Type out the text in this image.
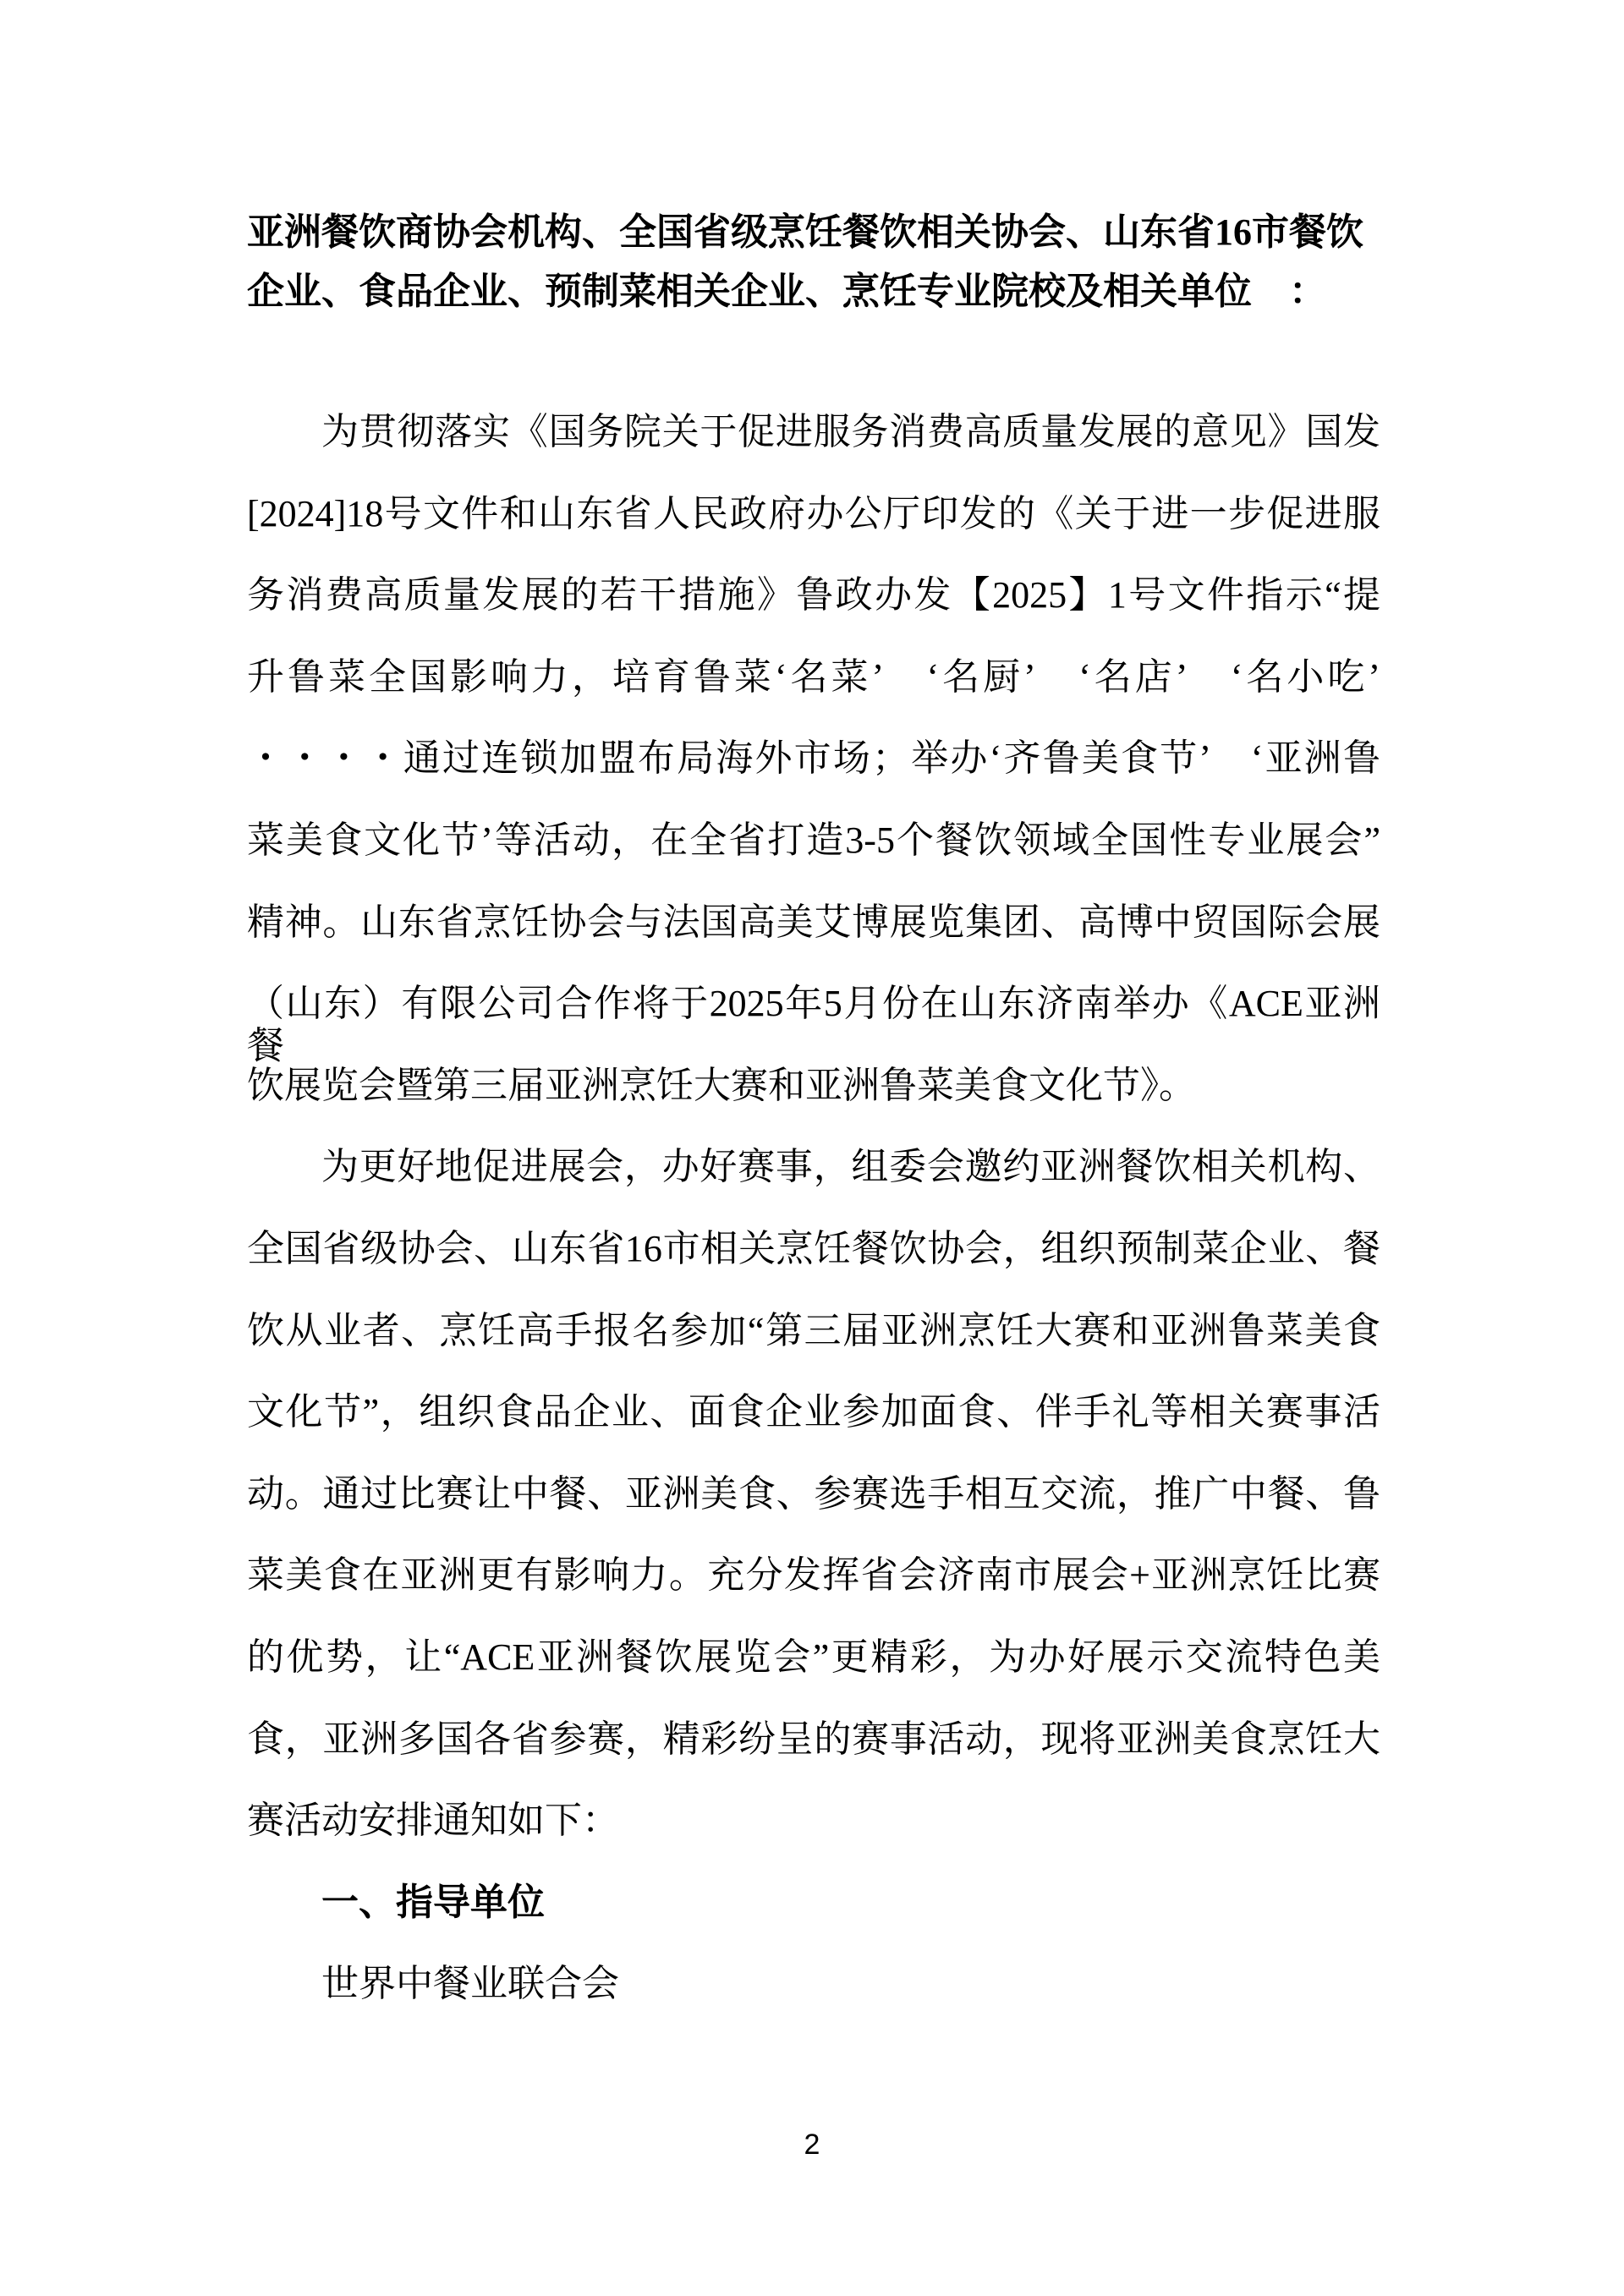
2
亚洲餐饮商协会机构、全国省级烹饪餐饮相关协会、山东省16市餐饮
企业、食品企业、预制菜相关企业、烹饪专业院校及相关单位　：
为贯彻落实《国务院关于促进服务消费高质量发展的意见》国发
[2024]18号文件和山东省人民政府办公厅印发的《关于进一步促进服
务消费高质量发展的若干措施》鲁政办发【2025】1号文件指示“提
升鲁菜全国影响力，培育鲁菜‘名菜’　‘名厨’　‘名店’　‘名小吃’
・・・・通过连锁加盟布局海外市场；举办‘齐鲁美食节’　‘亚洲鲁
菜美食文化节’等活动，在全省打造3-5个餐饮领域全国性专业展会”
精神。山东省烹饪协会与法国高美艾博展览集团、高博中贸国际会展
（山东）有限公司合作将于2025年5月份在山东济南举办《ACE亚洲餐
饮展览会暨第三届亚洲烹饪大赛和亚洲鲁菜美食文化节》。
为更好地促进展会，办好赛事，组委会邀约亚洲餐饮相关机构、
全国省级协会、山东省16市相关烹饪餐饮协会，组织预制菜企业、餐
饮从业者、烹饪高手报名参加“第三届亚洲烹饪大赛和亚洲鲁菜美食
文化节”，组织食品企业、面食企业参加面食、伴手礼等相关赛事活
动。通过比赛让中餐、亚洲美食、参赛选手相互交流，推广中餐、鲁
菜美食在亚洲更有影响力。充分发挥省会济南市展会+亚洲烹饪比赛
的优势，让“ACE亚洲餐饮展览会”更精彩，为办好展示交流特色美
食，亚洲多国各省参赛，精彩纷呈的赛事活动，现将亚洲美食烹饪大
赛活动安排通知如下：
一、指导单位
世界中餐业联合会
